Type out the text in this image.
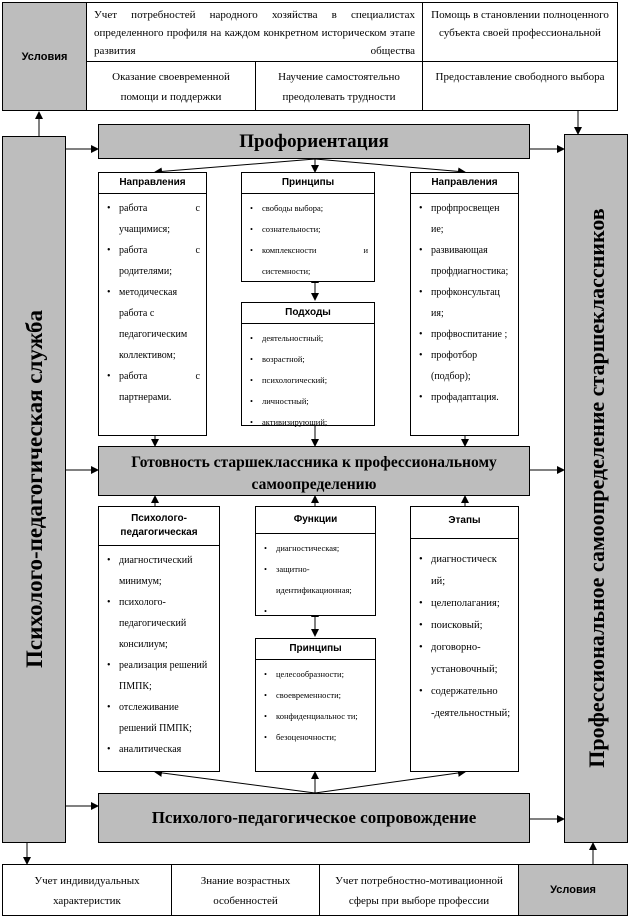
Условия
Учет потребностей народного хозяйства в специалистах определенного профиля на каждом конкретном историческом этапе развития общества
Помощь в становлении полноценного субъекта своей профессиональной
Оказание своевременной помощи и поддержки
Научение самостоятельно преодолевать трудности
Предоставление свободного выбора
Психолого-педагогическая служба	Профессиональное самоопределение старшеклассников
Профориентация
Направления
• работа с учащимися;
• работа с родителями;
• методическая работа с педагогическим коллективом;
• работа с партнерами.
Принципы
• свободы выбора;
• сознательности;
• комплексности и системности;
Подходы
• деятельностный;
• возрастной;
• психологический;
• личностный;
• активизирующий;
Направления
• профпросвещен ие;
• развивающая профдиагностика;
• профконсультац ия;
• профвоспитание ;
• профотбор (подбор);
• профадаптация.
Готовность старшеклассника к профессиональному
самоопределению
Психолого-педагогическая
• диагностический минимум;
• психолого-педагогический консилиум;
• реализация решений ПМПК;
• отслеживание решений ПМПК;
• аналитическая
Функции
• диагностическая;
• защитно-идентификационная;
Принципы
• целесообразности;
• своевременности;
• конфиденциальнос ти;
• безоценочности;
Этапы
• диагностическ ий;
• целеполагания;
• поисковый;
• договорно-установочный;
• содержательно -деятельностный;
Психолого-педагогическое сопровождение
Учет индивидуальных характеристик
Знание возрастных особенностей
Учет потребностно-мотивационной сферы при выборе профессии
Условия
